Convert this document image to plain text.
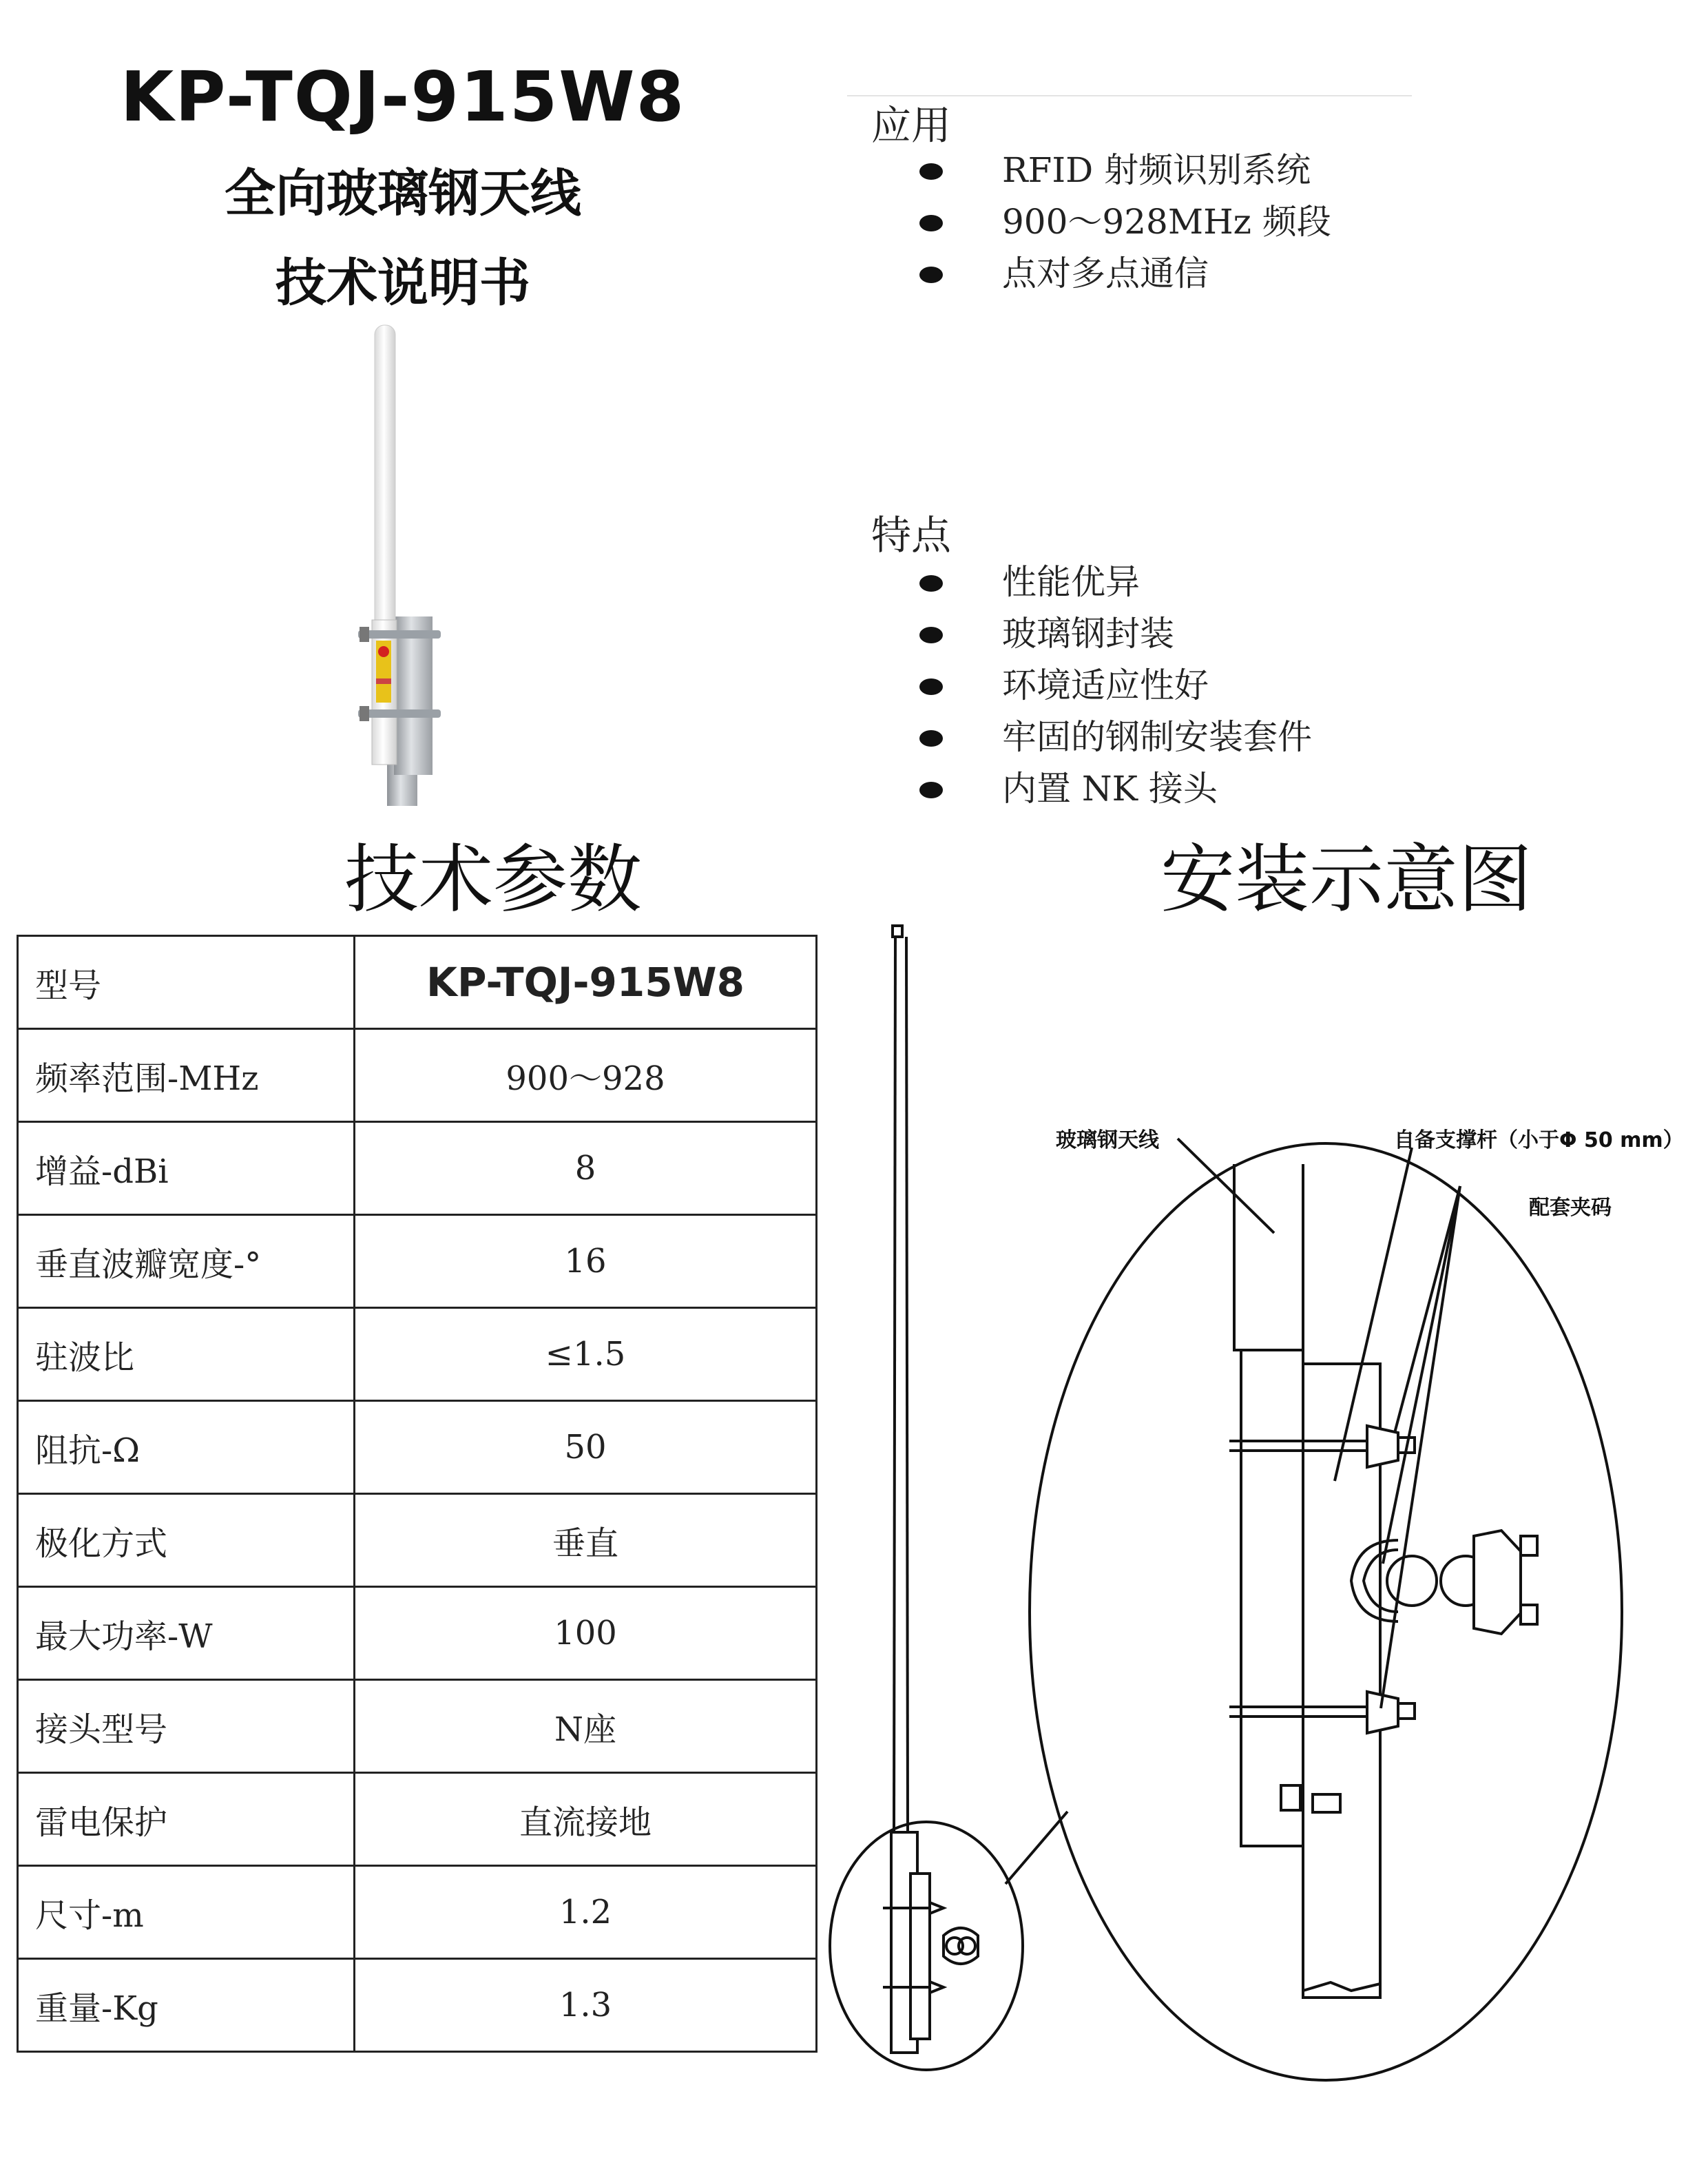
KP-TQJ-915W8
全向玻璃钢天线
技术说明书
应用
RFID 射频识别系统
900～928MHz 频段
点对多点通信
特点
性能优异
玻璃钢封装
环境适应性好
牢固的钢制安装套件
内置 NK 接头
技术参数	安装示意图
型号	KP-TQJ-915W8
频率范围-MHz	900～928
增益-dBi	8
垂直波瓣宽度-°	16
驻波比	≤1.5
阻抗-Ω	50
极化方式	垂直
最大功率-W	100
接头型号	N座
雷电保护	直流接地
尺寸-m	1.2
重量-Kg	1.3
玻璃钢天线	自备支撑杆（小于Φ 50 mm）
配套夹码
